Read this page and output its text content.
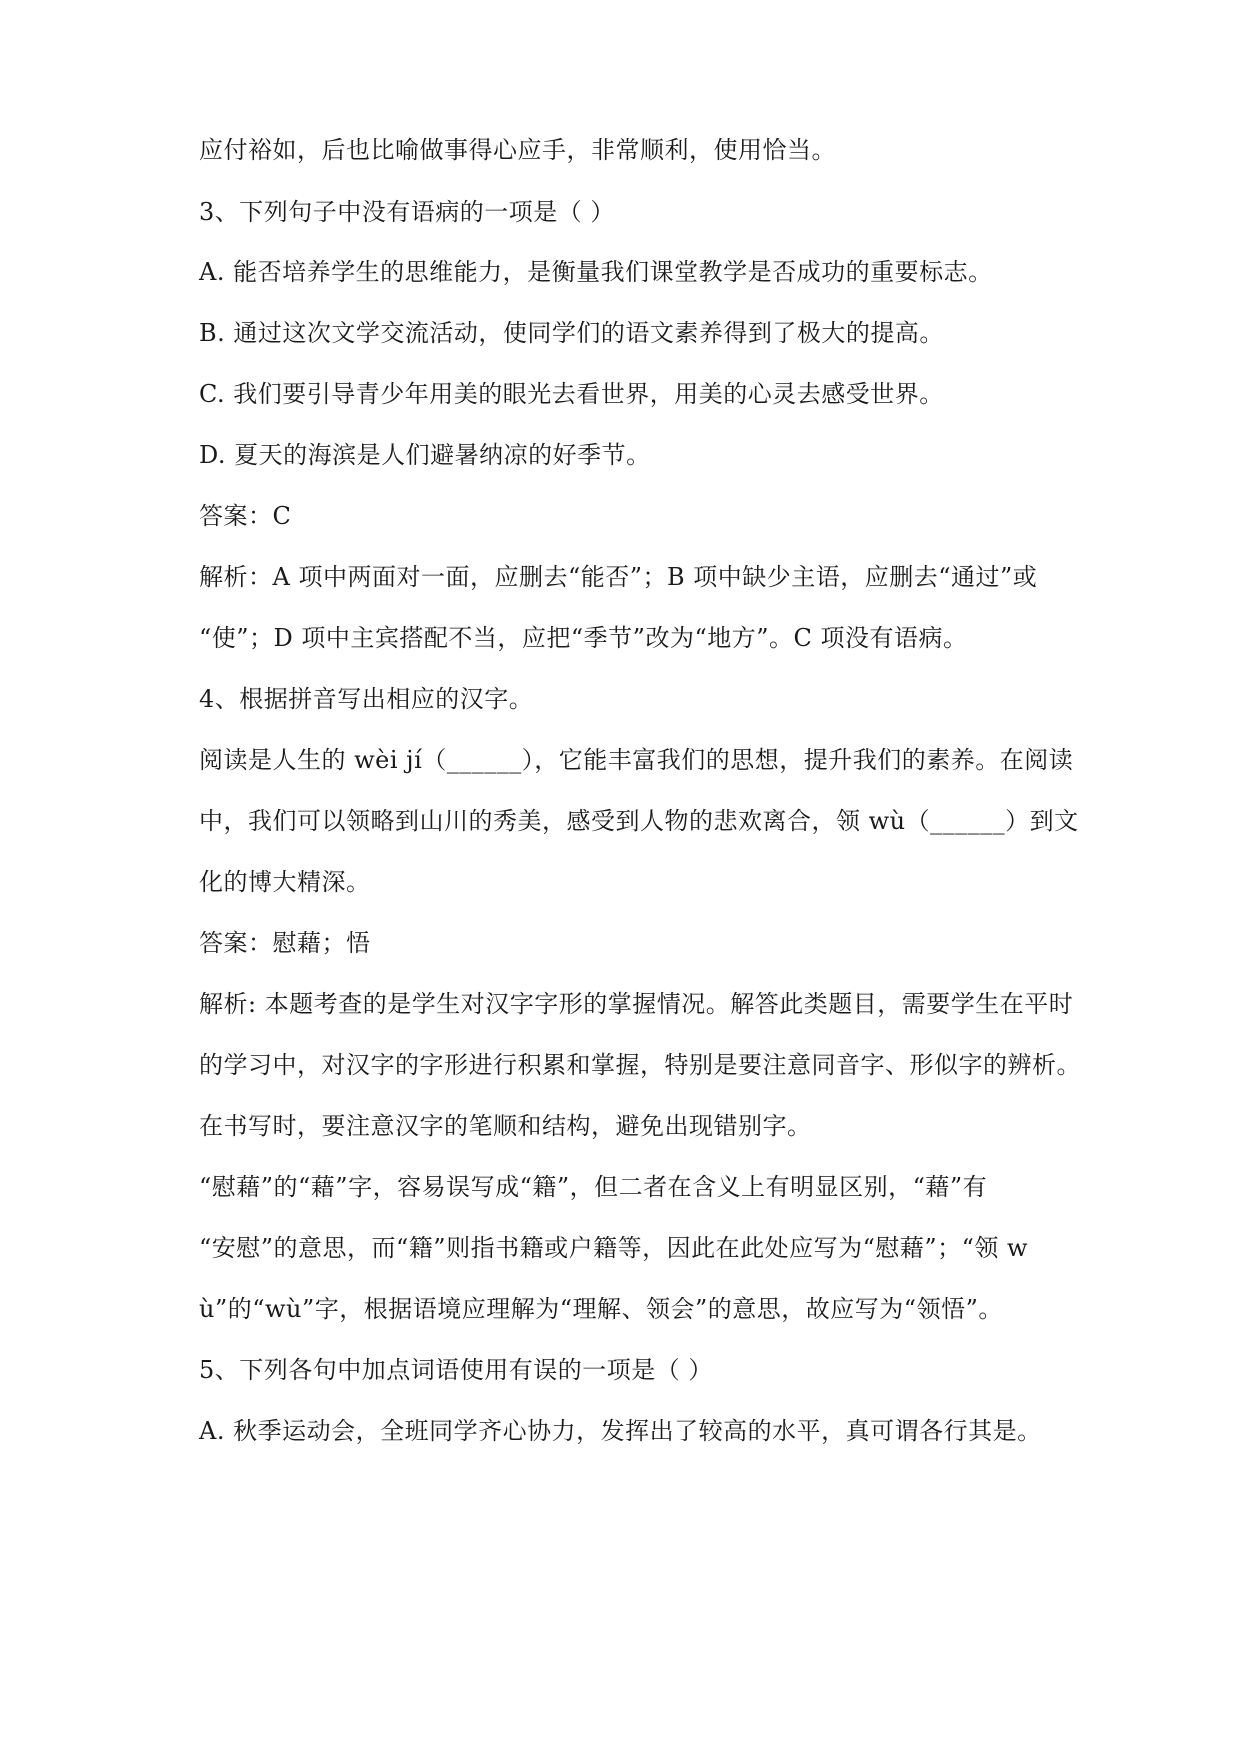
应付裕如，后也比喻做事得心应手，非常顺利，使用恰当。
3、下列句子中没有语病的一项是（ ）
A. 能否培养学生的思维能力，是衡量我们课堂教学是否成功的重要标志。
B. 通过这次文学交流活动，使同学们的语文素养得到了极大的提高。
C. 我们要引导青少年用美的眼光去看世界，用美的心灵去感受世界。
D. 夏天的海滨是人们避暑纳凉的好季节。
答案：C
解析：A 项中两面对一面，应删去“能否”；B 项中缺少主语，应删去“通过”或
“使”；D 项中主宾搭配不当，应把“季节”改为“地方”。C 项没有语病。
4、根据拼音写出相应的汉字。
阅读是人生的 wèi jí（______），它能丰富我们的思想，提升我们的素养。在阅读
中，我们可以领略到山川的秀美，感受到人物的悲欢离合，领 wù（______）到文
化的博大精深。
答案：慰藉；悟
解析: 本题考查的是学生对汉字字形的掌握情况。解答此类题目，需要学生在平时
的学习中，对汉字的字形进行积累和掌握，特别是要注意同音字、形似字的辨析。
在书写时，要注意汉字的笔顺和结构，避免出现错别字。
“慰藉”的“藉”字，容易误写成“籍”，但二者在含义上有明显区别，“藉”有
“安慰”的意思，而“籍”则指书籍或户籍等，因此在此处应写为“慰藉”；“领 w
ù”的“wù”字，根据语境应理解为“理解、领会”的意思，故应写为“领悟”。
5、下列各句中加点词语使用有误的一项是（ ）
A. 秋季运动会，全班同学齐心协力，发挥出了较高的水平，真可谓各行其是。
